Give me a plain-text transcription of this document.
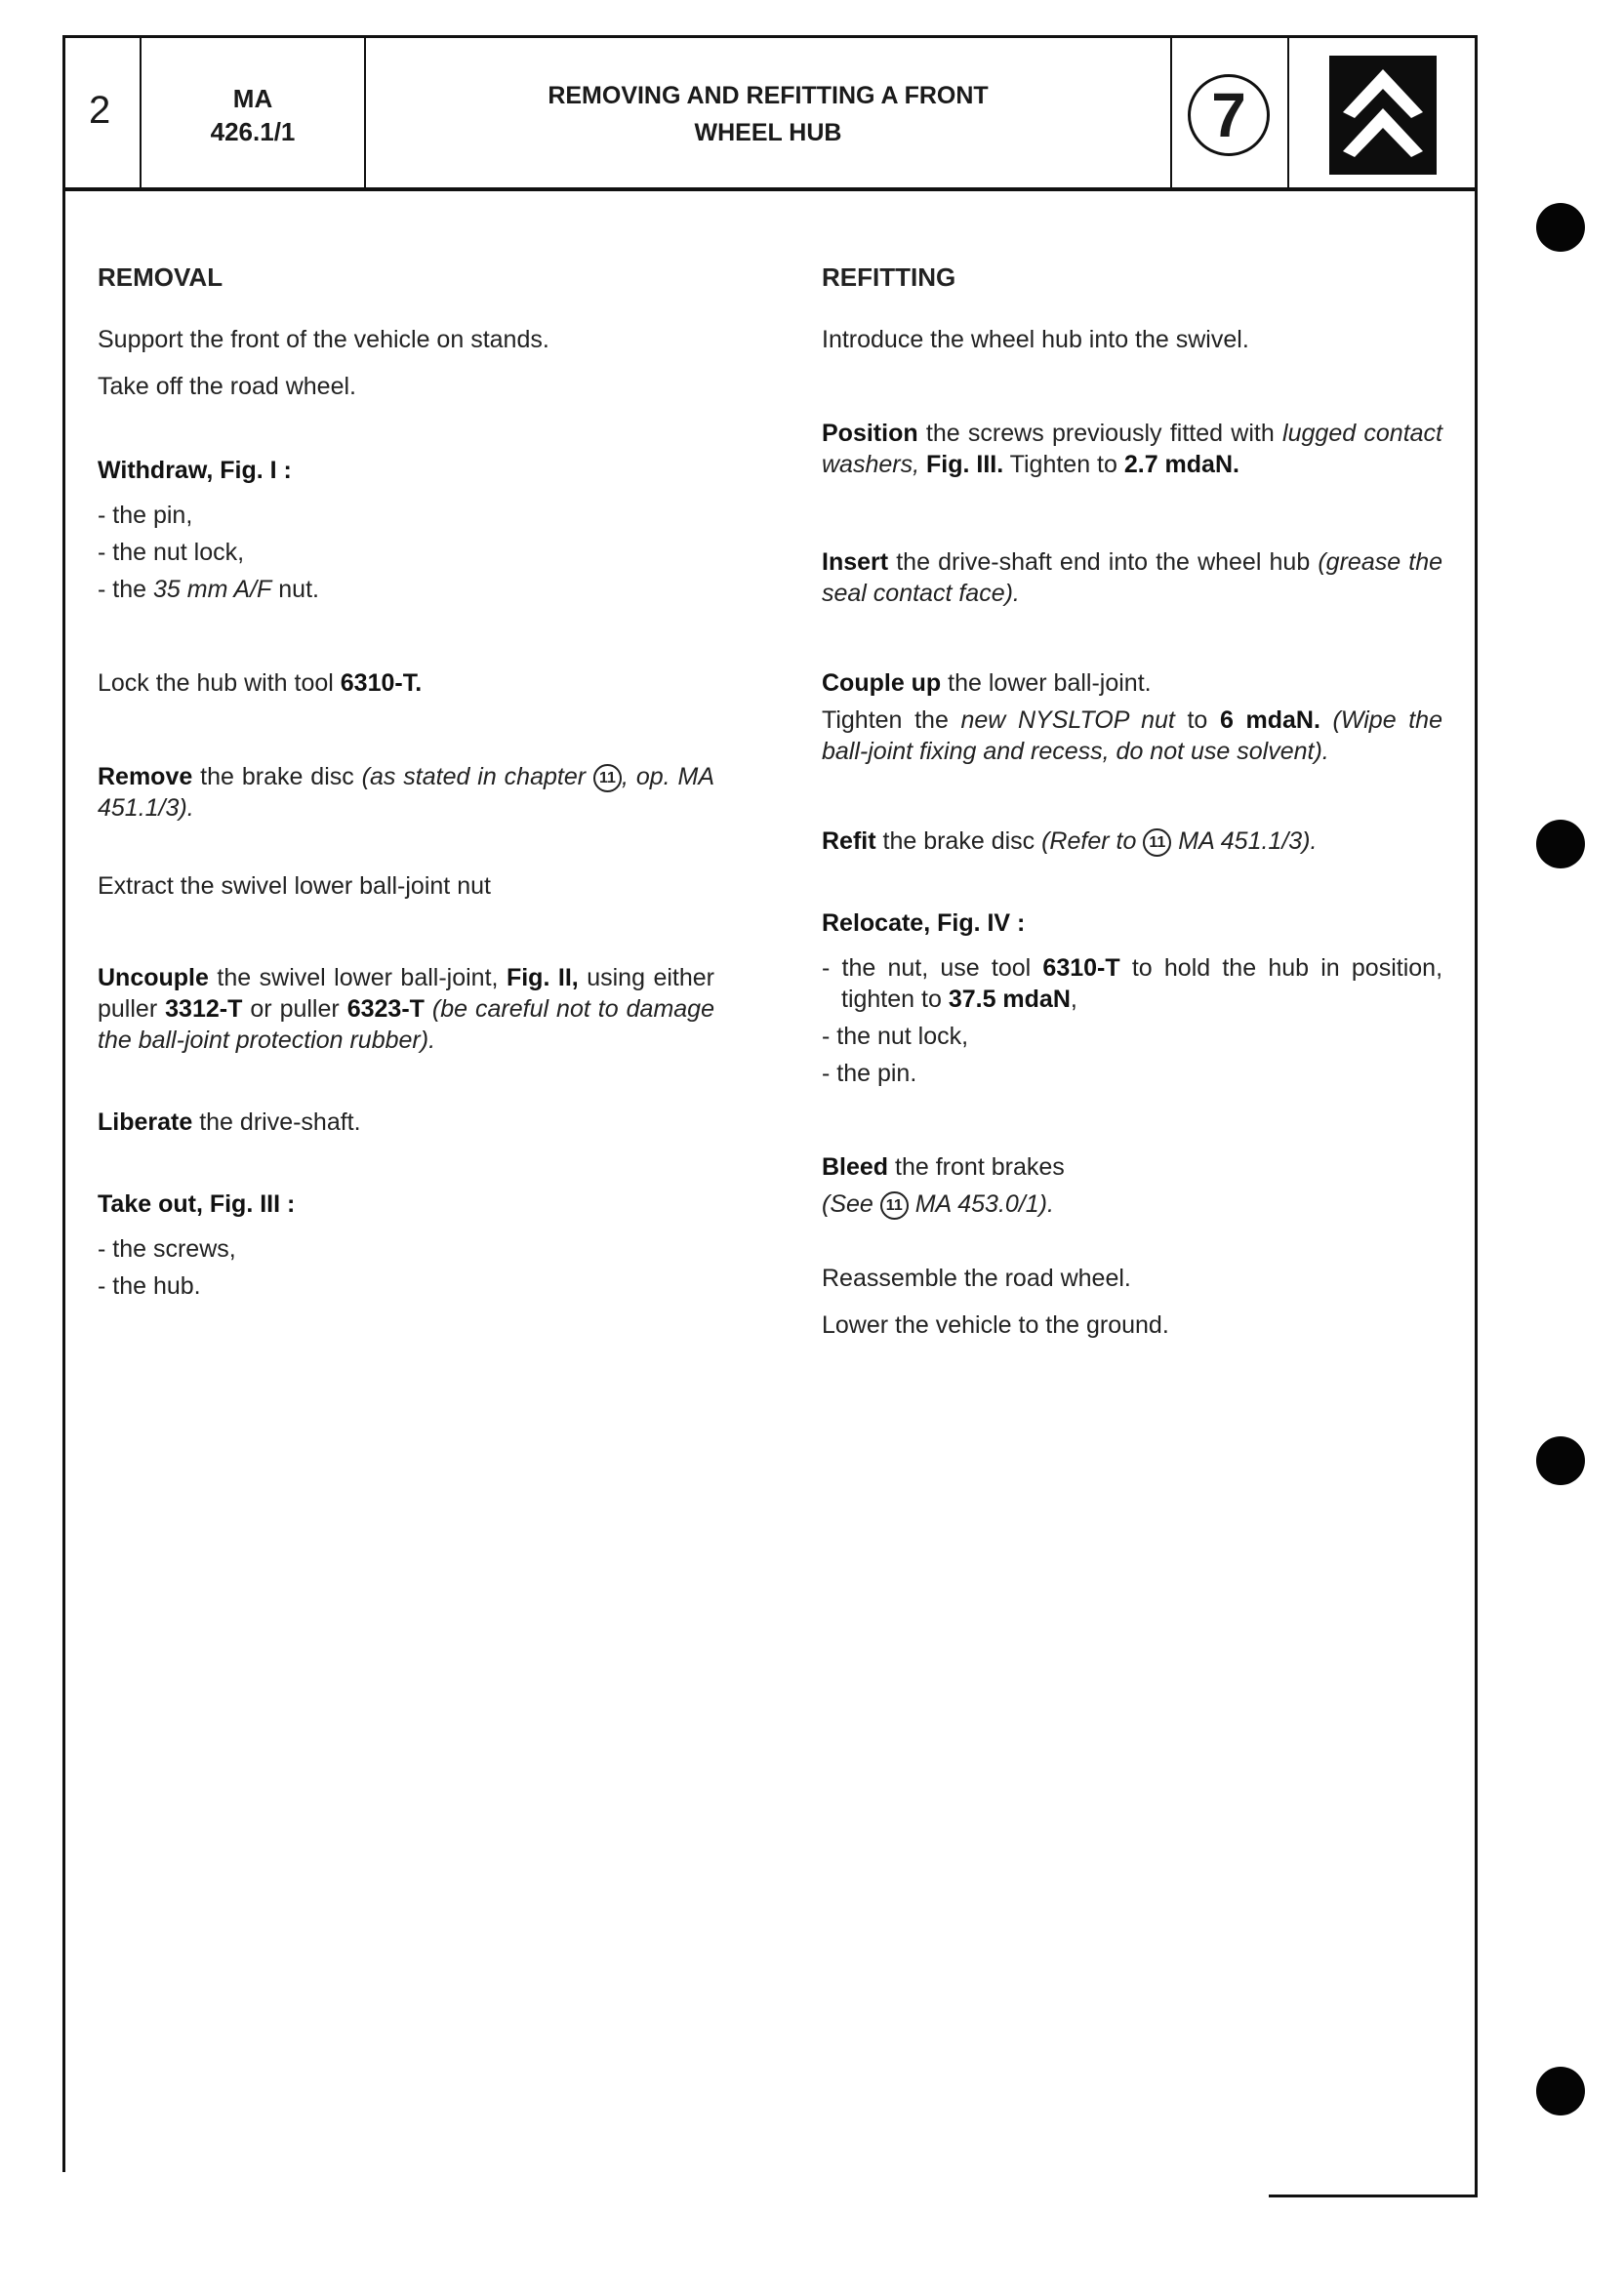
2	MA
426.1/1
REMOVING AND REFITTING A FRONT
WHEEL HUB	7

REMOVAL

Support the front of the vehicle on stands.

Take off the road wheel.

Withdraw, Fig. I :

- the pin,
- the nut lock,
- the 35 mm A/F nut.

Lock the hub with tool 6310-T.

Remove the brake disc (as stated in chapter 11 , op. MA 451.1/3).

Extract the swivel lower ball-joint nut

Uncouple the swivel lower ball-joint, Fig. II, using either puller 3312-T or puller 6323-T (be careful not to damage the ball-joint protection rubber).

Liberate the drive-shaft.

Take out, Fig. III :

- the screws,
- the hub.

REFITTING

Introduce the wheel hub into the swivel.

Position the screws previously fitted with lugged contact washers, Fig. III. Tighten to 2.7 mdaN.

Insert the drive-shaft end into the wheel hub (grease the seal contact face).

Couple up the lower ball-joint.

Tighten the new NYSLTOP nut to 6 mdaN. (Wipe the ball-joint fixing and recess, do not use solvent).

Refit the brake disc (Refer to 11 MA 451.1/3).

Relocate, Fig. IV :

- the nut, use tool 6310-T to hold the hub in position, tighten to 37.5 mdaN,
- the nut lock,
- the pin.

Bleed the front brakes

(See 11 MA 453.0/1).

Reassemble the road wheel.

Lower the vehicle to the ground.
